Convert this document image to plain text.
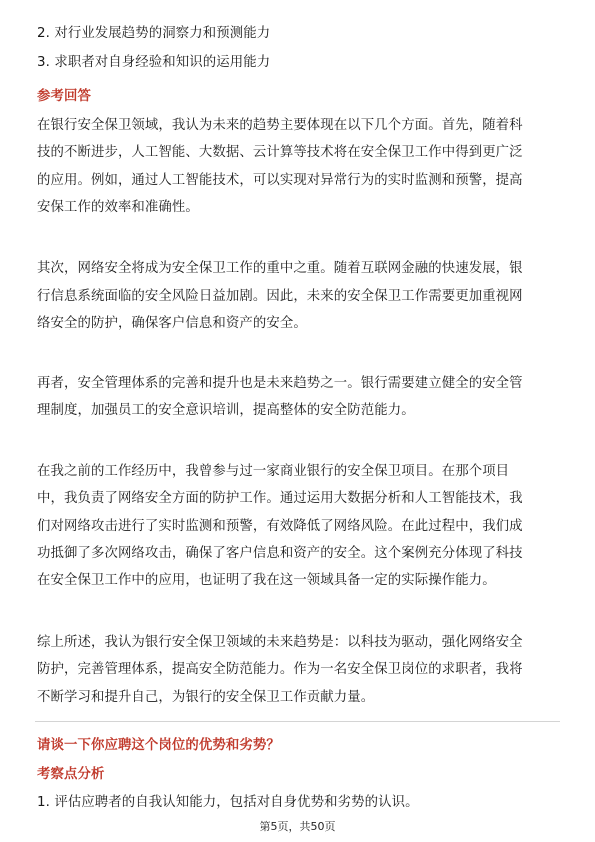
2. 对行业发展趋势的洞察力和预测能力
3. 求职者对自身经验和知识的运用能力
参考回答
在银行安全保卫领域，我认为未来的趋势主要体现在以下几个方面。首先，随着科
技的不断进步，人工智能、大数据、云计算等技术将在安全保卫工作中得到更广泛
的应用。例如，通过人工智能技术，可以实现对异常行为的实时监测和预警，提高
安保工作的效率和准确性。
其次，网络安全将成为安全保卫工作的重中之重。随着互联网金融的快速发展，银
行信息系统面临的安全风险日益加剧。因此，未来的安全保卫工作需要更加重视网
络安全的防护，确保客户信息和资产的安全。
再者，安全管理体系的完善和提升也是未来趋势之一。银行需要建立健全的安全管
理制度，加强员工的安全意识培训，提高整体的安全防范能力。
在我之前的工作经历中，我曾参与过一家商业银行的安全保卫项目。在那个项目
中，我负责了网络安全方面的防护工作。通过运用大数据分析和人工智能技术，我
们对网络攻击进行了实时监测和预警，有效降低了网络风险。在此过程中，我们成
功抵御了多次网络攻击，确保了客户信息和资产的安全。这个案例充分体现了科技
在安全保卫工作中的应用，也证明了我在这一领域具备一定的实际操作能力。
综上所述，我认为银行安全保卫领域的未来趋势是：以科技为驱动，强化网络安全
防护，完善管理体系，提高安全防范能力。作为一名安全保卫岗位的求职者，我将
不断学习和提升自己，为银行的安全保卫工作贡献力量。
请谈一下你应聘这个岗位的优势和劣势？
考察点分析
1. 评估应聘者的自我认知能力，包括对自身优势和劣势的认识。
第5页，共50页
